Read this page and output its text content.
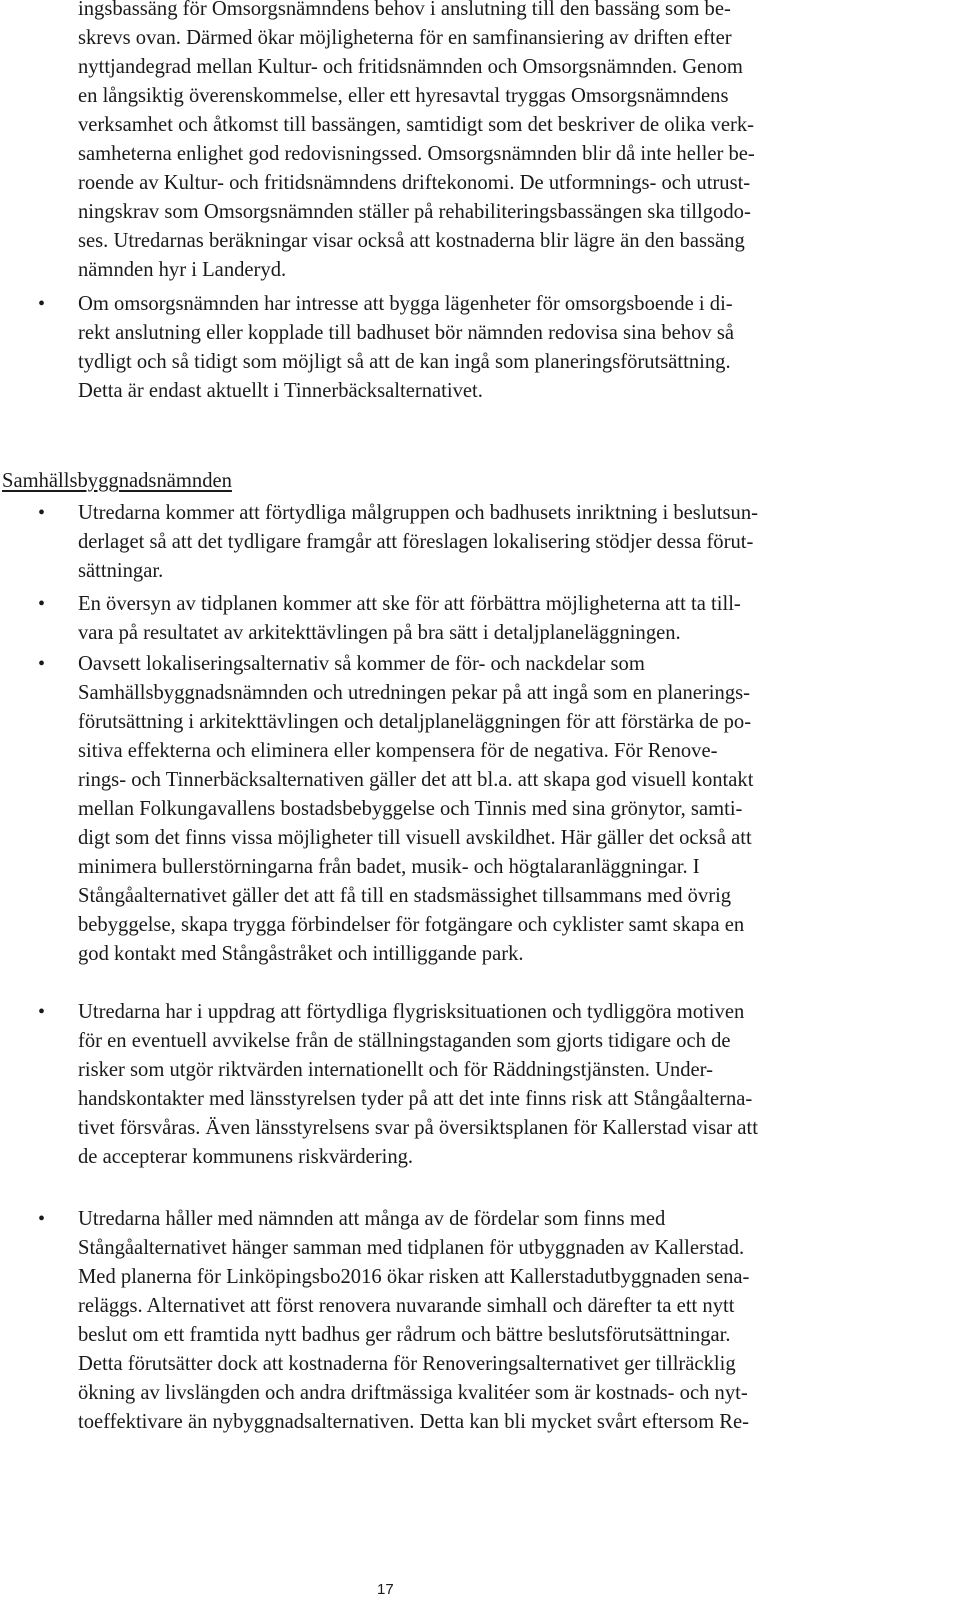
ingsbassäng för Omsorgsnämndens behov i anslutning till den bassäng som be-
skrevs ovan. Därmed ökar möjligheterna för en samfinansiering av driften efter
nyttjandegrad mellan Kultur- och fritidsnämnden och Omsorgsnämnden. Genom
en långsiktig överenskommelse, eller ett hyresavtal tryggas Omsorgsnämndens
verksamhet och åtkomst till bassängen, samtidigt som det beskriver de olika verk-
samheterna enlighet god redovisningssed. Omsorgsnämnden blir då inte heller be-
roende av Kultur- och fritidsnämndens driftekonomi. De utformnings- och utrust-
ningskrav som Omsorgsnämnden ställer på rehabiliteringsbassängen ska tillgodo-
ses. Utredarnas beräkningar visar också att kostnaderna blir lägre än den bassäng
nämnden hyr i Landeryd.
• Om omsorgsnämnden har intresse att bygga lägenheter för omsorgsboende i di-
rekt anslutning eller kopplade till badhuset bör nämnden redovisa sina behov så
tydligt och så tidigt som möjligt så att de kan ingå som planeringsförutsättning.
Detta är endast aktuellt i Tinnerbäcksalternativet.
Samhällsbyggnadsnämnden
• Utredarna kommer att förtydliga målgruppen och badhusets inriktning i beslutsun-
derlaget så att det tydligare framgår att föreslagen lokalisering stödjer dessa förut-
sättningar.
• En översyn av tidplanen kommer att ske för att förbättra möjligheterna att ta till-
vara på resultatet av arkitekttävlingen på bra sätt i detaljplaneläggningen.
• Oavsett lokaliseringsalternativ så kommer de för- och nackdelar som
Samhällsbyggnadsnämnden och utredningen pekar på att ingå som en planerings-
förutsättning i arkitekttävlingen och detaljplaneläggningen för att förstärka de po-
sitiva effekterna och eliminera eller kompensera för de negativa. För Renove-
rings- och Tinnerbäcksalternativen gäller det att bl.a. att skapa god visuell kontakt
mellan Folkungavallens bostadsbebyggelse och Tinnis med sina grönytor, samti-
digt som det finns vissa möjligheter till visuell avskildhet. Här gäller det också att
minimera bullerstörningarna från badet, musik- och högtalaranläggningar. I
Stångåalternativet gäller det att få till en stadsmässighet tillsammans med övrig
bebyggelse, skapa trygga förbindelser för fotgängare och cyklister samt skapa en
god kontakt med Stångåstråket och intilliggande park.
• Utredarna har i uppdrag att förtydliga flygrisksituationen och tydliggöra motiven
för en eventuell avvikelse från de ställningstaganden som gjorts tidigare och de
risker som utgör riktvärden internationellt och för Räddningstjänsten. Under-
handskontakter med länsstyrelsen tyder på att det inte finns risk att Stångåalterna-
tivet försvåras. Även länsstyrelsens svar på översiktsplanen för Kallerstad visar att
de accepterar kommunens riskvärdering.
• Utredarna håller med nämnden att många av de fördelar som finns med
Stångåalternativet hänger samman med tidplanen för utbyggnaden av Kallerstad.
Med planerna för Linköpingsbo2016 ökar risken att Kallerstadutbyggnaden sena-
reläggs. Alternativet att först renovera nuvarande simhall och därefter ta ett nytt
beslut om ett framtida nytt badhus ger rådrum och bättre beslutsförutsättningar.
Detta förutsätter dock att kostnaderna för Renoveringsalternativet ger tillräcklig
ökning av livslängden och andra driftmässiga kvalitéer som är kostnads- och nyt-
toeffektivare än nybyggnadsalternativen. Detta kan bli mycket svårt eftersom Re-
17
